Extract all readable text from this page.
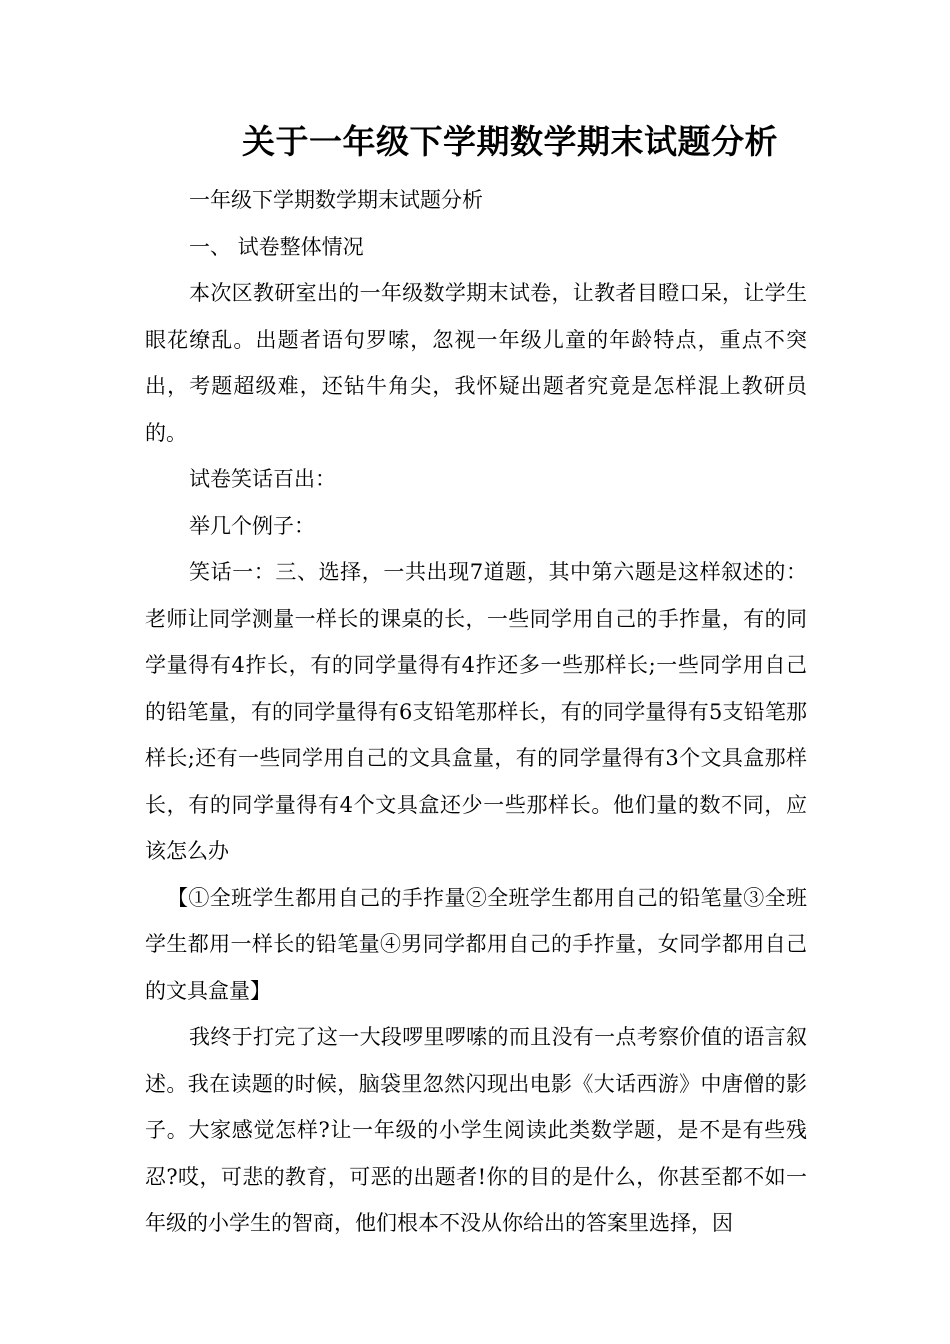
关于一年级下学期数学期末试题分析

一年级下学期数学期末试题分析

一、 试卷整体情况

本次区教研室出的一年级数学期末试卷，让教者目瞪口呆，让学生眼花缭乱。出题者语句罗嗦，忽视一年级儿童的年龄特点，重点不突出，考题超级难，还钻牛角尖，我怀疑出题者究竟是怎样混上教研员的。

试卷笑话百出：

举几个例子：

笑话一：三、选择，一共出现7道题，其中第六题是这样叙述的：老师让同学测量一样长的课桌的长，一些同学用自己的手拃量，有的同学量得有4拃长，有的同学量得有4拃还多一些那样长;一些同学用自己的铅笔量，有的同学量得有6支铅笔那样长，有的同学量得有5支铅笔那样长;还有一些同学用自己的文具盒量，有的同学量得有3个文具盒那样长，有的同学量得有4个文具盒还少一些那样长。他们量的数不同，应该怎么办

【①全班学生都用自己的手拃量②全班学生都用自己的铅笔量③全班学生都用一样长的铅笔量④男同学都用自己的手拃量，女同学都用自己的文具盒量】

我终于打完了这一大段啰里啰嗦的而且没有一点考察价值的语言叙述。我在读题的时候，脑袋里忽然闪现出电影《大话西游》中唐僧的影子。大家感觉怎样?让一年级的小学生阅读此类数学题，是不是有些残忍?哎，可悲的教育，可恶的出题者!你的目的是什么，你甚至都不如一年级的小学生的智商，他们根本不没从你给出的答案里选择，因
